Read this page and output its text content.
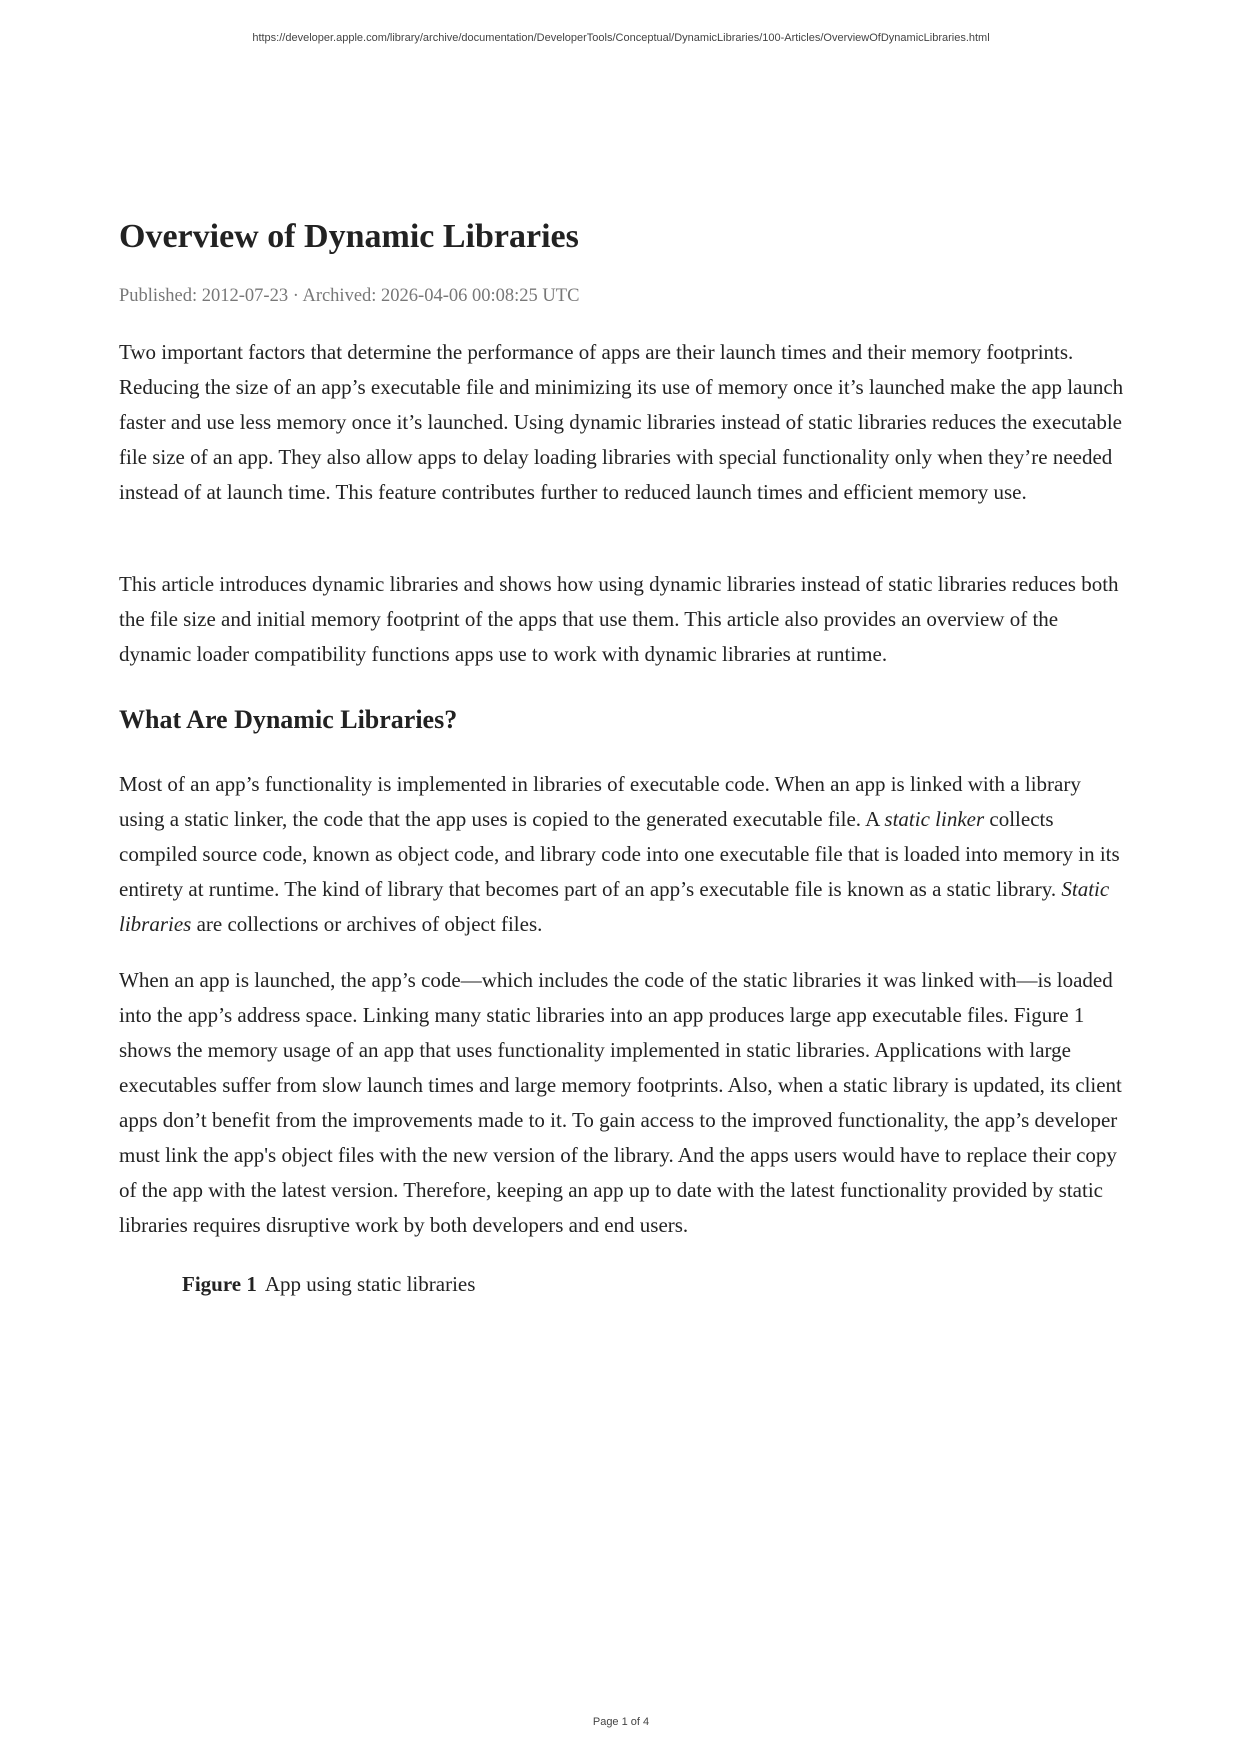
https://developer.apple.com/library/archive/documentation/DeveloperTools/Conceptual/DynamicLibraries/100-Articles/OverviewOfDynamicLibraries.html
Overview of Dynamic Libraries
Published: 2012-07-23 · Archived: 2026-04-06 00:08:25 UTC

Two important factors that determine the performance of apps are their launch times and their memory footprints. Reducing the size of an app’s executable file and minimizing its use of memory once it’s launched make the app launch faster and use less memory once it’s launched. Using dynamic libraries instead of static libraries reduces the executable file size of an app. They also allow apps to delay loading libraries with special functionality only when they’re needed instead of at launch time. This feature contributes further to reduced launch times and efficient memory use.

This article introduces dynamic libraries and shows how using dynamic libraries instead of static libraries reduces both the file size and initial memory footprint of the apps that use them. This article also provides an overview of the dynamic loader compatibility functions apps use to work with dynamic libraries at runtime.

What Are Dynamic Libraries?

Most of an app’s functionality is implemented in libraries of executable code. When an app is linked with a library using a static linker, the code that the app uses is copied to the generated executable file. A static linker collects compiled source code, known as object code, and library code into one executable file that is loaded into memory in its entirety at runtime. The kind of library that becomes part of an app’s executable file is known as a static library. Static libraries are collections or archives of object files.

When an app is launched, the app’s code—which includes the code of the static libraries it was linked with—is loaded into the app’s address space. Linking many static libraries into an app produces large app executable files. Figure 1 shows the memory usage of an app that uses functionality implemented in static libraries. Applications with large executables suffer from slow launch times and large memory footprints. Also, when a static library is updated, its client apps don’t benefit from the improvements made to it. To gain access to the improved functionality, the app’s developer must link the app's object files with the new version of the library. And the apps users would have to replace their copy of the app with the latest version. Therefore, keeping an app up to date with the latest functionality provided by static libraries requires disruptive work by both developers and end users.

Figure 1 App using static libraries
Page 1 of 4
